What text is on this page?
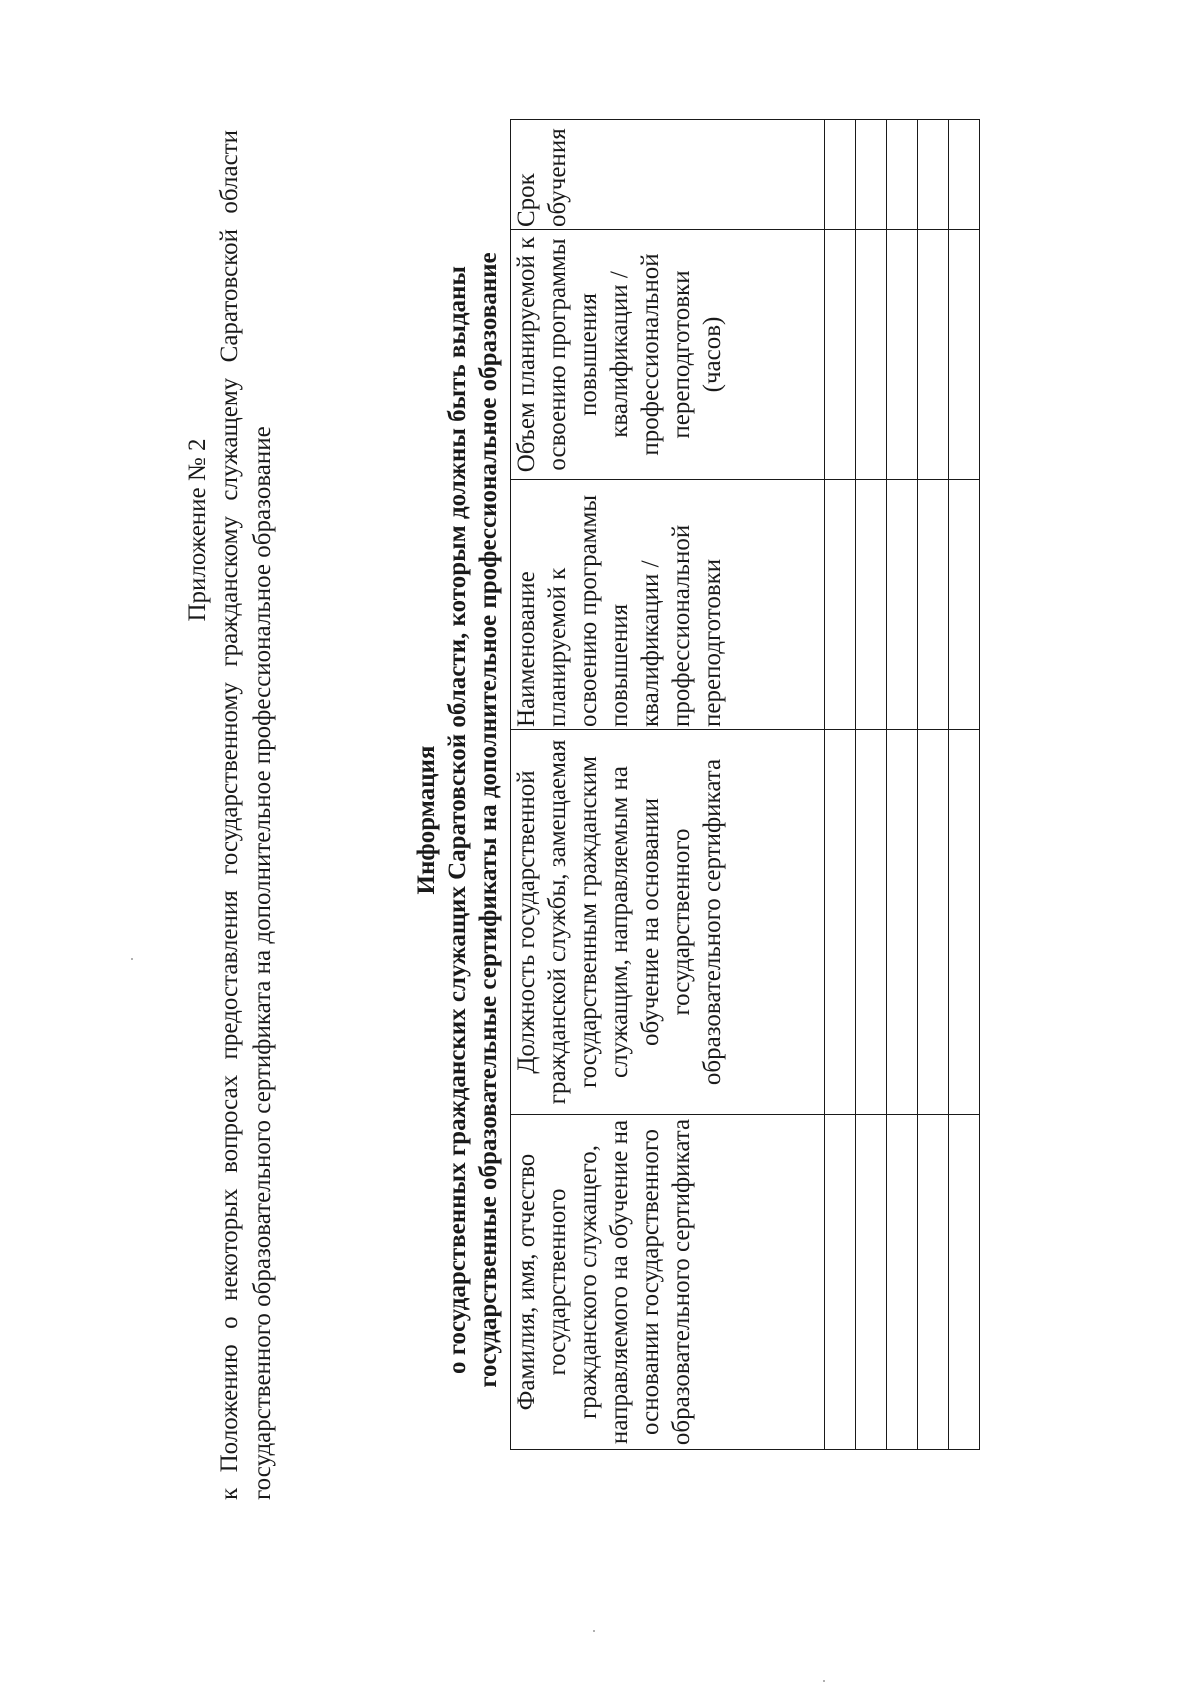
Приложение № 2 к Положению о некоторых вопросах предоставления государственному гражданскому служащему Саратовской области государственного образовательного сертификата на дополнительное профессиональное образование	Информация о государственных гражданских служащих Саратовской области, которым должны быть выданы государственные образовательные сертификаты на дополнительное профессиональное образование Фамилия, имя, отчество государственного гражданского служащего, направляемого на обучение на основании государственного образовательного сертификата	Должность государственной гражданской службы, замещаемая государственным гражданским служащим, направляемым на обучение на основании государственного образовательного сертификата	Наименование планируемой к освоению программы повышения квалификации / профессиональной переподготовки	Объем планируемой к освоению программы повышения квалификации / профессиональной переподготовки (часов)	Срок обучения
